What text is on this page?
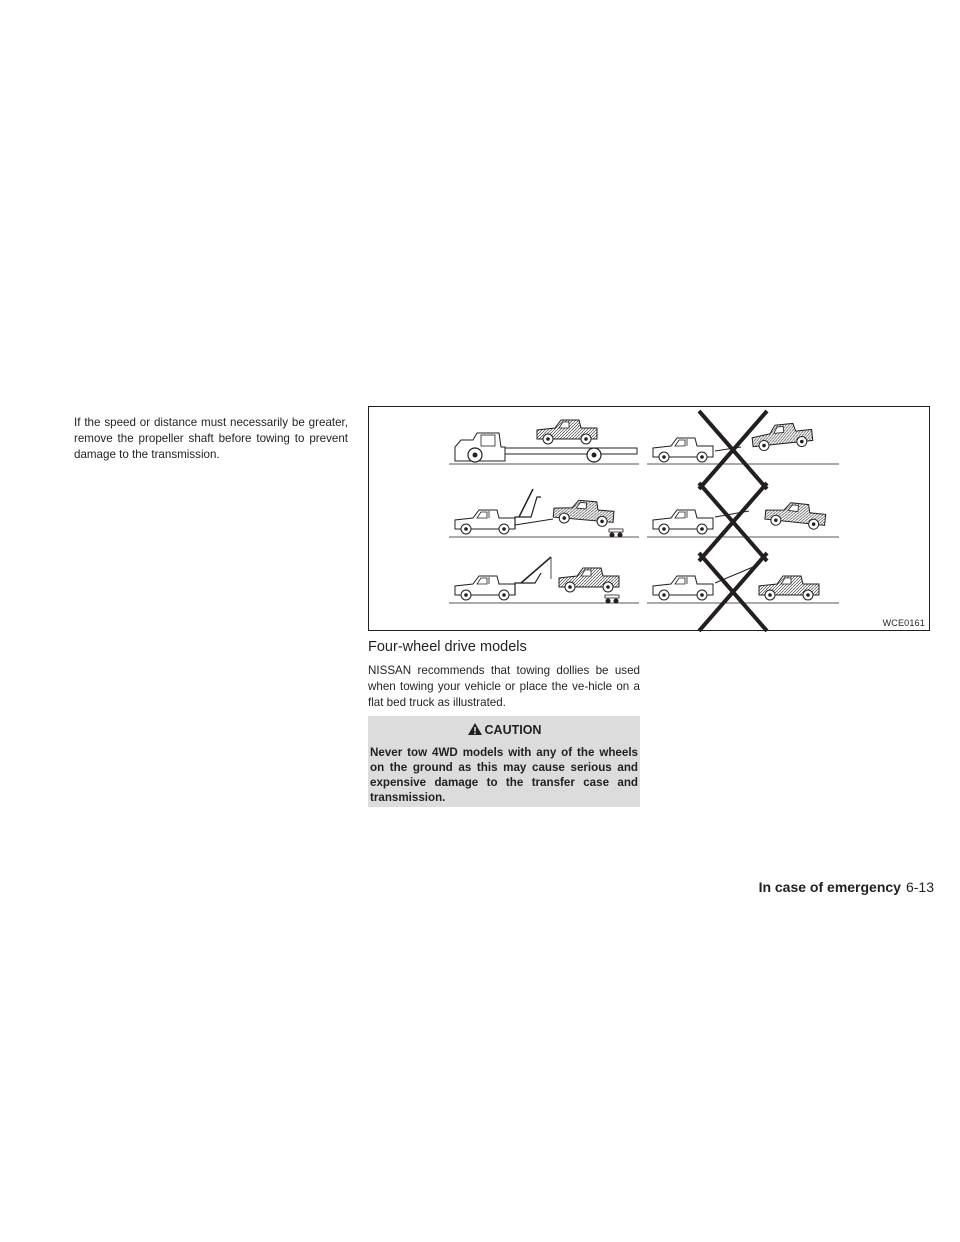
If the speed or distance must necessarily be greater, remove the propeller shaft before towing to prevent damage to the transmission.

WCE0161
Four-wheel drive models

NISSAN recommends that towing dollies be used when towing your vehicle or place the ve-hicle on a flat bed truck as illustrated.

CAUTION

Never tow 4WD models with any of the wheels on the ground as this may cause serious and expensive damage to the transfer case and transmission.

In case of emergency 6-13
